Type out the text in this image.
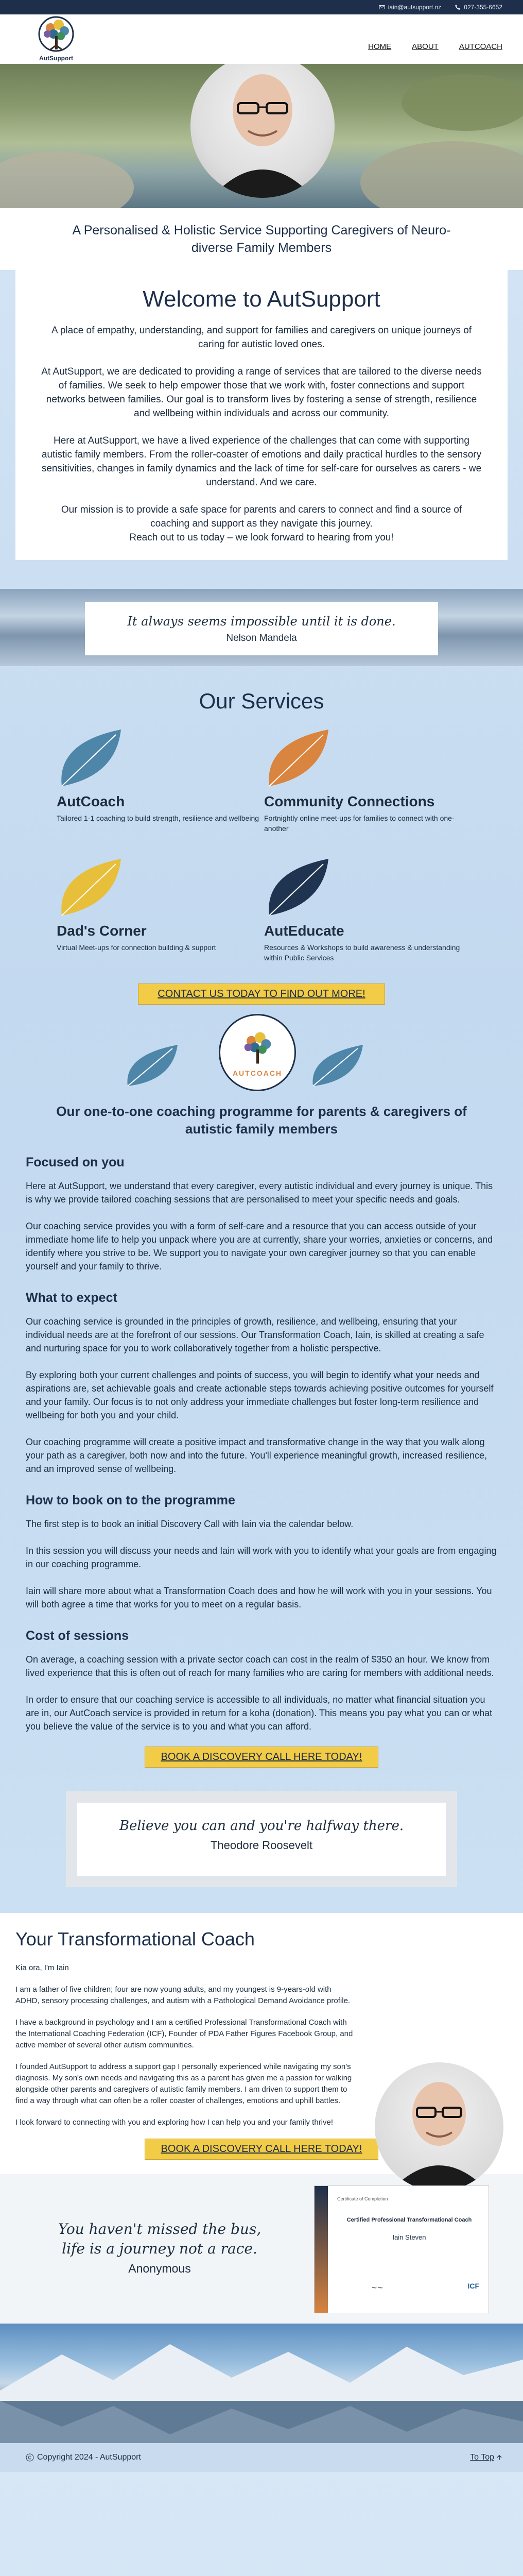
iain@autsupport.nz	027-355-6652
AutSupport
HOME	ABOUT	AUTCOACH
A Personalised & Holistic Service Supporting Caregivers of Neuro-diverse Family Members
Welcome to AutSupport

A place of empathy, understanding, and support for families and caregivers on unique journeys of caring for autistic loved ones.

At AutSupport, we are dedicated to providing a range of services that are tailored to the diverse needs of families. We seek to help empower those that we work with, foster connections and support networks between families. Our goal is to transform lives by fostering a sense of strength, resilience and wellbeing within individuals and across our community.

Here at AutSupport, we have a lived experience of the challenges that can come with supporting autistic family members. From the roller-coaster of emotions and daily practical hurdles to the sensory sensitivities, changes in family dynamics and the lack of time for self-care for ourselves as carers - we understand. And we care.

Our mission is to provide a safe space for parents and carers to connect and find a source of coaching and support as they navigate this journey.

Reach out to us today – we look forward to hearing from you!

It always seems impossible until it is done.
Nelson Mandela
Our Services
AutCoach

Tailored 1-1 coaching to build strength, resilience and wellbeing

Community Connections

Fortnightly online meet-ups for families to connect with one-another

Dad's Corner

Virtual Meet-ups for connection building & support

AutEducate

Resources & Workshops to build awareness & understanding within Public Services

CONTACT US TODAY TO FIND OUT MORE!
AUTCOACH
Our one-to-one coaching programme for parents & caregivers of autistic family members
Focused on you

Here at AutSupport, we understand that every caregiver, every autistic individual and every journey is unique. This is why we provide tailored coaching sessions that are personalised to meet your specific needs and goals.

Our coaching service provides you with a form of self-care and a resource that you can access outside of your immediate home life to help you unpack where you are at currently, share your worries, anxieties or concerns, and identify where you strive to be. We support you to navigate your own caregiver journey so that you can enable yourself and your family to thrive.

What to expect

Our coaching service is grounded in the principles of growth, resilience, and wellbeing, ensuring that your individual needs are at the forefront of our sessions. Our Transformation Coach, Iain, is skilled at creating a safe and nurturing space for you to work collaboratively together from a holistic perspective.

By exploring both your current challenges and points of success, you will begin to identify what your needs and aspirations are, set achievable goals and create actionable steps towards achieving positive outcomes for yourself and your family. Our focus is to not only address your immediate challenges but foster long-term resilience and wellbeing for both you and your child.

Our coaching programme will create a positive impact and transformative change in the way that you walk along your path as a caregiver, both now and into the future. You'll experience meaningful growth, increased resilience, and an improved sense of wellbeing.

How to book on to the programme

The first step is to book an initial Discovery Call with Iain via the calendar below.

In this session you will discuss your needs and Iain will work with you to identify what your goals are from engaging in our coaching programme.

Iain will share more about what a Transformation Coach does and how he will work with you in your sessions. You will both agree a time that works for you to meet on a regular basis.

Cost of sessions

On average, a coaching session with a private sector coach can cost in the realm of $350 an hour. We know from lived experience that this is often out of reach for many families who are caring for members with additional needs.

In order to ensure that our coaching service is accessible to all individuals, no matter what financial situation you are in, our AutCoach service is provided in return for a koha (donation). This means you pay what you can or what you believe the value of the service is to you and what you can afford.

BOOK A DISCOVERY CALL HERE TODAY!
Believe you can and you're halfway there.
Theodore Roosevelt
Your Transformational Coach

Kia ora, I'm Iain

I am a father of five children; four are now young adults, and my youngest is 9-years-old with ADHD, sensory processing challenges, and autism with a Pathological Demand Avoidance profile.

I have a background in psychology and I am a certified Professional Transformational Coach with the International Coaching Federation (ICF), Founder of PDA Father Figures Facebook Group, and active member of several other autism communities.

I founded AutSupport to address a support gap I personally experienced while navigating my son's diagnosis. My son's own needs and navigating this as a parent has given me a passion for walking alongside other parents and caregivers of autistic family members. I am driven to support them to find a way through what can often be a roller coaster of challenges, emotions and uphill battles.

I look forward to connecting with you and exploring how I can help you and your family thrive!

BOOK A DISCOVERY CALL HERE TODAY!
You haven't missed the bus,
life is a journey not a race.
Anonymous
Certificate of Completion
Certified Professional Transformational Coach
Iain Steven
~~	ICF
Copyright 2024 - AutSupport	To Top
